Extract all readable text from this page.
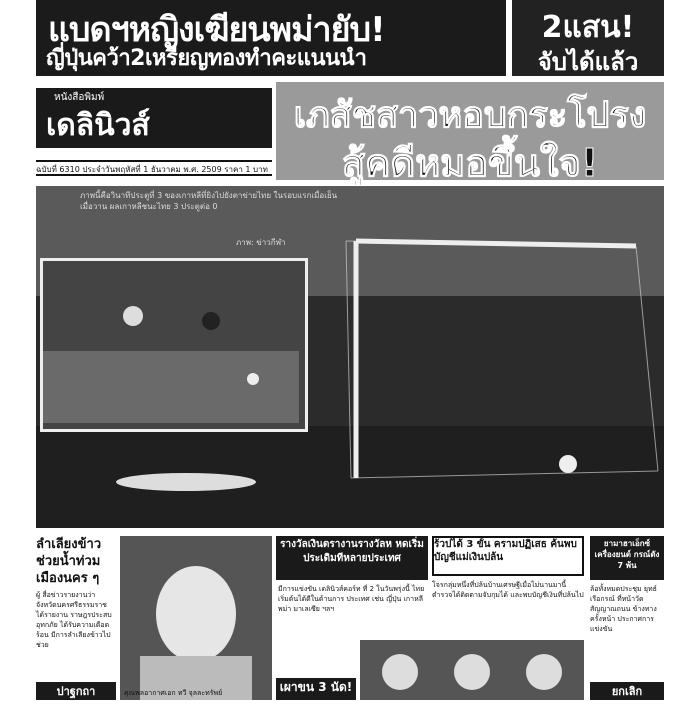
แบดฯหญิงเฆียนพม่ายับ!
ญี่ปุ่นคว้า2เหรียญทองทำคะแนนนำ
2แสน!
จับได้แล้ว
หนังสือพิมพ์
เดลินิวส์
ฉบับที่ 6310 ประจำวันพฤหัสที่ 1 ธันวาคม พ.ศ. 2509 ราคา 1 บาท
เภสัชสาวหอบกระโปรง
สู้คดีหมอขึ้นใจ!
ภาพนี้คือวินาทีประตูที่ 3 ของเกาหลีที่ยิงไปยังตาข่ายไทย ในรอบแรกเมื่อเย็นเมื่อวาน ผลเกาหลีชนะไทย 3 ประตูต่อ 0
ภาพ: ข่าวกีฬา
ลำเลียงข้าว ช่วยน้ำท่วม เมืองนคร ๆ
ผู้ สื่อข่าวรายงานว่า จังหวัดนครศรีธรรมราช ได้รายงาน ราษฎรประสบอุทกภัย ได้รับความเดือดร้อน มีการลำเลียงข้าวไปช่วย
ปาฐกถา	คุณพลอากาศเอก ทวี จุลละทรัพย์
รางวัลเงินตรางานรางวัลห หดเริ่มประเดิมทีหลายประเทศ
มีการแข่งขัน เดลินิวส์คอร์ท ที่ 2 ในวันพรุ่งนี้ ไทยเริ่มต้นได้ดีในด้านการ ประเทศ เช่น ญี่ปุ่น เกาหลี พม่า มาเลเซีย ฯลฯ
เผาขน 3 นัด!
ร้วปได้ 3 ขั้น ครามปฏิเสธ ค้นพบบัญชีแม่เงินปล้น
โจรกลุ่มหนึ่งที่ปล้นบ้านเศรษฐีเมื่อไม่นานมานี้ ตำรวจได้ติดตามจับกุมได้ และพบบัญชีเงินที่ปล้นไป
ยามาฮาเอ็กซ์เครื่องยนต์ กรณ์ตัง 7 พ้น
ล้อทั้งหมดประชุม ยุทธ์เรือกรณ์ ที่หน้าวัด สัญญาณถนน ข้างทาง ครั้งหน้า ประกาศการแข่งขัน
ยกเลิก
